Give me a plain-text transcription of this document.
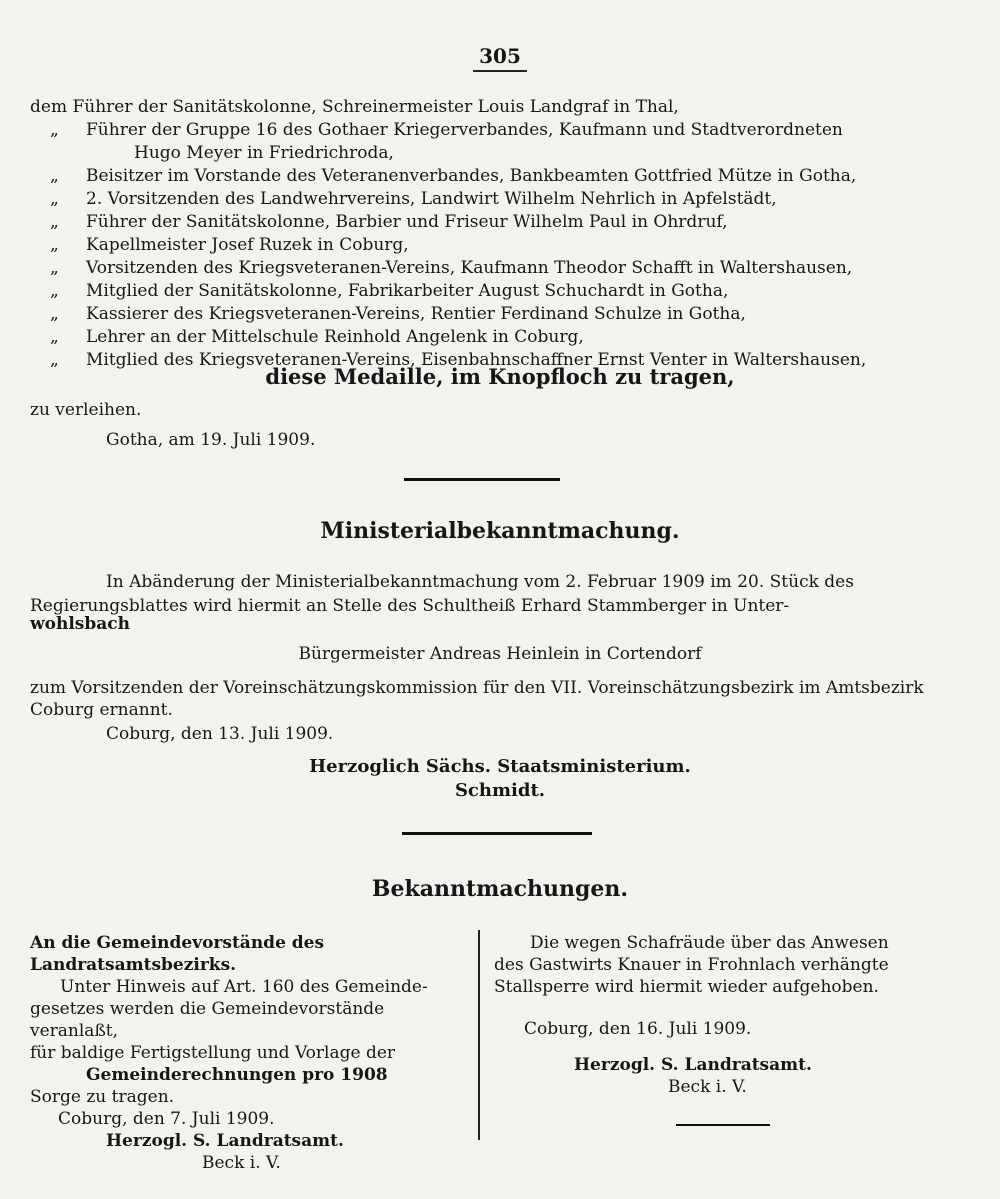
305
dem Führer der Sanitätskolonne, Schreinermeister Louis Landgraf in Thal,
„ Führer der Gruppe 16 des Gothaer Kriegerverbandes, Kaufmann und Stadtverordneten
Hugo Meyer in Friedrichroda,
„ Beisitzer im Vorstande des Veteranenverbandes, Bankbeamten Gottfried Mütze in Gotha,
„ 2. Vorsitzenden des Landwehrvereins, Landwirt Wilhelm Nehrlich in Apfelstädt,
„ Führer der Sanitätskolonne, Barbier und Friseur Wilhelm Paul in Ohrdruf,
„ Kapellmeister Josef Ruzek in Coburg,
„ Vorsitzenden des Kriegsveteranen-Vereins, Kaufmann Theodor Schafft in Waltershausen,
„ Mitglied der Sanitätskolonne, Fabrikarbeiter August Schuchardt in Gotha,
„ Kassierer des Kriegsveteranen-Vereins, Rentier Ferdinand Schulze in Gotha,
„ Lehrer an der Mittelschule Reinhold Angelenk in Coburg,
„ Mitglied des Kriegsveteranen-Vereins, Eisenbahnschaffner Ernst Venter in Waltershausen,
diese Medaille, im Knopfloch zu tragen,
zu verleihen.
Gotha, am 19. Juli 1909.
Ministerialbekanntmachung.
In Abänderung der Ministerialbekanntmachung vom 2. Februar 1909 im 20. Stück des
Regierungsblattes wird hiermit an Stelle des Schultheiß Erhard Stammberger in Unter-
wohlsbach
Bürgermeister Andreas Heinlein in Cortendorf
zum Vorsitzenden der Voreinschätzungskommission für den VII. Voreinschätzungsbezirk im Amtsbezirk
Coburg ernannt.
Coburg, den 13. Juli 1909.
Herzoglich Sächs. Staatsministerium.
Schmidt.
Bekanntmachungen.
An die Gemeindevorstände des Landratsamtsbezirks.
Unter Hinweis auf Art. 160 des Gemeinde-
gesetzes werden die Gemeindevorstände veranlaßt,
für baldige Fertigstellung und Vorlage der
Gemeinderechnungen pro 1908
Sorge zu tragen.
Coburg, den 7. Juli 1909.
Herzogl. S. Landratsamt.
Beck i. V.
Die wegen Schafräude über das Anwesen
des Gastwirts Knauer in Frohnlach verhängte
Stallsperre wird hiermit wieder aufgehoben.
Coburg, den 16. Juli 1909.
Herzogl. S. Landratsamt.
Beck i. V.
